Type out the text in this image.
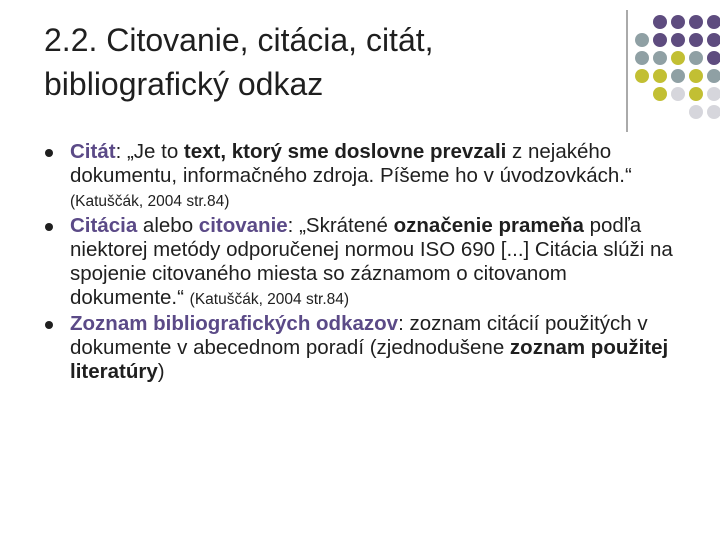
2.2. Citovanie, citácia, citát,
bibliografický odkaz
Citát: „Je to text, ktorý sme doslovne prevzali z nejakého dokumentu, informačného zdroja. Píšeme ho v úvodzovkách.“ (Katuščák, 2004 str.84)
Citácia alebo citovanie: „Skrátené označenie prameňa podľa niektorej metódy odporučenej normou ISO 690 [...] Citácia slúži na spojenie citovaného miesta so záznamom o citovanom dokumente.“ (Katuščák, 2004 str.84)
Zoznam bibliografických odkazov: zoznam citácií použitých v dokumente v abecednom poradí (zjednodušene zoznam použitej literatúry)
